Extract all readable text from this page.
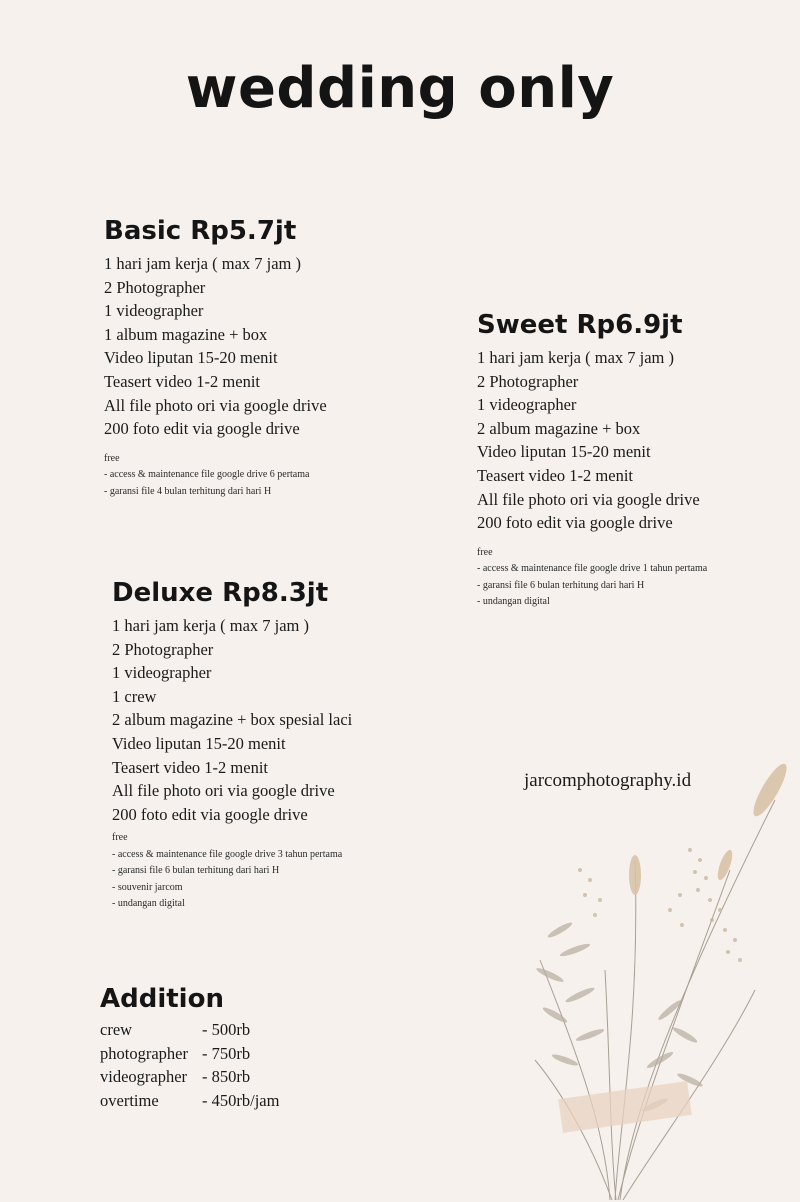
wedding only
Basic Rp5.7jt
1 hari jam kerja ( max 7 jam )
2 Photographer
1 videographer
1 album magazine + box
Video liputan 15-20 menit
Teasert video 1-2 menit
All file photo ori via google drive
200 foto edit via google drive
free
- access & maintenance file google drive 6 pertama
- garansi file 4 bulan terhitung dari hari H
Sweet Rp6.9jt
1 hari jam kerja ( max 7 jam )
2 Photographer
1 videographer
2 album magazine + box
Video liputan 15-20 menit
Teasert video 1-2 menit
All file photo ori via google drive
200 foto edit via google drive
free
- access & maintenance file google drive 1 tahun pertama
- garansi file 6 bulan terhitung dari hari H
- undangan digital
Deluxe Rp8.3jt
1 hari jam kerja ( max 7 jam )
2 Photographer
1 videographer
1 crew
2 album magazine + box spesial laci
Video liputan 15-20 menit
Teasert video 1-2 menit
All file photo ori via google drive
200 foto edit via google drive
free
- access & maintenance file google drive 3 tahun pertama
- garansi file 6 bulan terhitung dari hari H
- souvenir jarcom
- undangan digital
jarcomphotography.id
Addition
crew	- 500rb
photographer - 750rb
videographer - 850rb
overtime	- 450rb/jam
